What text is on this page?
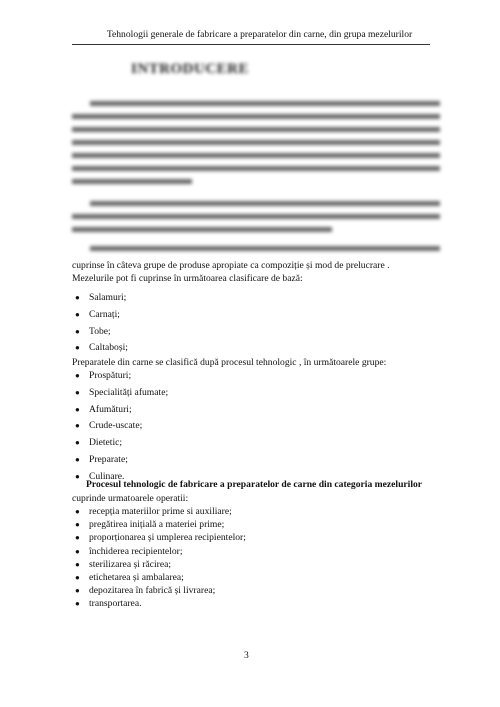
Tehnologii generale de fabricare a preparatelor din carne, din grupa mezelurilor
INTRODUCERE
cuprinse în câteva grupe de produse apropiate ca compoziție și mod de prelucrare .
Mezelurile pot fi cuprinse în următoarea clasificare de bază:
● Salamuri;
● Carnați;
● Tobe;
● Caltaboși;
Preparatele din carne se clasifică după procesul tehnologic , în următoarele grupe:
● Prospături;
● Specialități afumate;
● Afumături;
● Crude-uscate;
● Dietetic;
● Preparate;
● Culinare.
Procesul tehnologic de fabricare a preparatelor de carne din categoria mezelurilor
cuprinde urmatoarele operatii:
● recepția materiilor prime si auxiliare;
● pregătirea inițială a materiei prime;
● proporționarea și umplerea recipientelor;
● închiderea recipientelor;
● sterilizarea și răcirea;
● etichetarea și ambalarea;
● depozitarea în fabrică și livrarea;
● transportarea.
3
